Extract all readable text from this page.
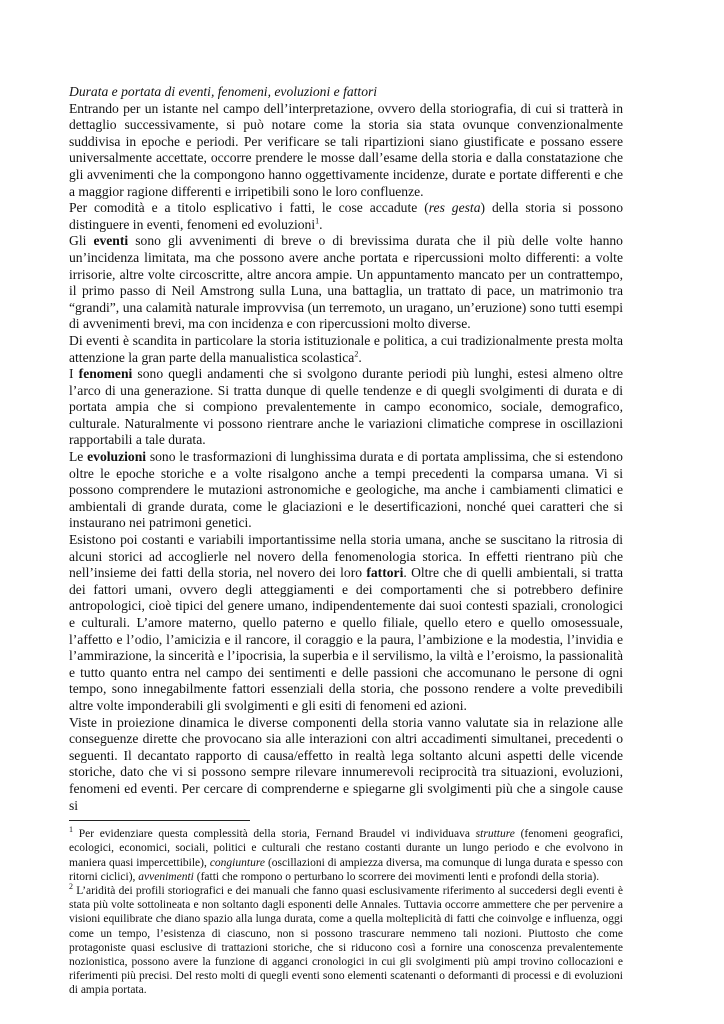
Durata e portata di eventi, fenomeni, evoluzioni e fattori

Entrando per un istante nel campo dell’interpretazione, ovvero della storiografia, di cui si tratterà in dettaglio successivamente, si può notare come la storia sia stata ovunque convenzionalmente suddivisa in epoche e periodi. Per verificare se tali ripartizioni siano giustificate e possano essere universalmente accettate, occorre prendere le mosse dall’esame della storia e dalla constatazione che gli avvenimenti che la compongono hanno oggettivamente incidenze, durate e portate differenti e che a maggior ragione differenti e irripetibili sono le loro confluenze.

Per comodità e a titolo esplicativo i fatti, le cose accadute (res gesta) della storia si possono distinguere in eventi, fenomeni ed evoluzioni$^1$.

Gli eventi sono gli avvenimenti di breve o di brevissima durata che il più delle volte hanno un’incidenza limitata, ma che possono avere anche portata e ripercussioni molto differenti: a volte irrisorie, altre volte circoscritte, altre ancora ampie. Un appuntamento mancato per un contrattempo, il primo passo di Neil Amstrong sulla Luna, una battaglia, un trattato di pace, un matrimonio tra “grandi”, una calamità naturale improvvisa (un terremoto, un uragano, un’eruzione) sono tutti esempi di avvenimenti brevi, ma con incidenza e con ripercussioni molto diverse.

Di eventi è scandita in particolare la storia istituzionale e politica, a cui tradizionalmente presta molta attenzione la gran parte della manualistica scolastica$^2$.

I fenomeni sono quegli andamenti che si svolgono durante periodi più lunghi, estesi almeno oltre l’arco di una generazione. Si tratta dunque di quelle tendenze e di quegli svolgimenti di durata e di portata ampia che si compiono prevalentemente in campo economico, sociale, demografico, culturale. Naturalmente vi possono rientrare anche le variazioni climatiche comprese in oscillazioni rapportabili a tale durata.

Le evoluzioni sono le trasformazioni di lunghissima durata e di portata amplissima, che si estendono oltre le epoche storiche e a volte risalgono anche a tempi precedenti la comparsa umana. Vi si possono comprendere le mutazioni astronomiche e geologiche, ma anche i cambiamenti climatici e ambientali di grande durata, come le glaciazioni e le desertificazioni, nonché quei caratteri che si instaurano nei patrimoni genetici.

Esistono poi costanti e variabili importantissime nella storia umana, anche se suscitano la ritrosia di alcuni storici ad accoglierle nel novero della fenomenologia storica. In effetti rientrano più che nell’insieme dei fatti della storia, nel novero dei loro fattori. Oltre che di quelli ambientali, si tratta dei fattori umani, ovvero degli atteggiamenti e dei comportamenti che si potrebbero definire antropologici, cioè tipici del genere umano, indipendentemente dai suoi contesti spaziali, cronologici e culturali. L’amore materno, quello paterno e quello filiale, quello etero e quello omosessuale, l’affetto e l’odio, l’amicizia e il rancore, il coraggio e la paura, l’ambizione e la modestia, l’invidia e l’ammirazione, la sincerità e l’ipocrisia, la superbia e il servilismo, la viltà e l’eroismo, la passionalità e tutto quanto entra nel campo dei sentimenti e delle passioni che accomunano le persone di ogni tempo, sono innegabilmente fattori essenziali della storia, che possono rendere a volte prevedibili altre volte imponderabili gli svolgimenti e gli esiti di fenomeni ed azioni.

Viste in proiezione dinamica le diverse componenti della storia vanno valutate sia in relazione alle conseguenze dirette che provocano sia alle interazioni con altri accadimenti simultanei, precedenti o seguenti. Il decantato rapporto di causa/effetto in realtà lega soltanto alcuni aspetti delle vicende storiche, dato che vi si possono sempre rilevare innumerevoli reciprocità tra situazioni, evoluzioni, fenomeni ed eventi. Per cercare di comprenderne e spiegarne gli svolgimenti più che a singole cause si

$^1$ Per evidenziare questa complessità della storia, Fernand Braudel vi individuava strutture (fenomeni geografici, ecologici, economici, sociali, politici e culturali che restano costanti durante un lungo periodo e che evolvono in maniera quasi impercettibile), congiunture (oscillazioni di ampiezza diversa, ma comunque di lunga durata e spesso con ritorni ciclici), avvenimenti (fatti che rompono o perturbano lo scorrere dei movimenti lenti e profondi della storia).

$^2$ L’aridità dei profili storiografici e dei manuali che fanno quasi esclusivamente riferimento al succedersi degli eventi è stata più volte sottolineata e non soltanto dagli esponenti delle Annales. Tuttavia occorre ammettere che per pervenire a visioni equilibrate che diano spazio alla lunga durata, come a quella molteplicità di fatti che coinvolge e influenza, oggi come un tempo, l’esistenza di ciascuno, non si possono trascurare nemmeno tali nozioni. Piuttosto che come protagoniste quasi esclusive di trattazioni storiche, che si riducono così a fornire una conoscenza prevalentemente nozionistica, possono avere la funzione di agganci cronologici in cui gli svolgimenti più ampi trovino collocazioni e riferimenti più precisi. Del resto molti di quegli eventi sono elementi scatenanti o deformanti di processi e di evoluzioni di ampia portata.
